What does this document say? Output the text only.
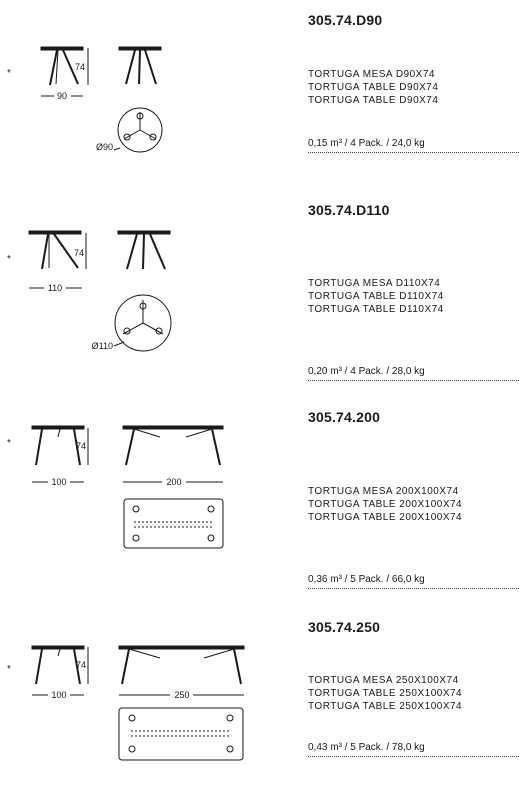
74
90
Ø90
*
305.74.D90
TORTUGA MESA D90X74
TORTUGA TABLE D90X74
TORTUGA TABLE D90X74
0,15 m³ / 4 Pack. / 24,0 kg
74
110
Ø110
*
305.74.D110
TORTUGA MESA D110X74
TORTUGA TABLE D110X74
TORTUGA TABLE D110X74
0,20 m³ / 4 Pack. / 28,0 kg
74
100	200
*
305.74.200
TORTUGA MESA 200X100X74
TORTUGA TABLE 200X100X74
TORTUGA TABLE 200X100X74
0,36 m³ / 5 Pack. / 66,0 kg
74
100	250
*
305.74.250
TORTUGA MESA 250X100X74
TORTUGA TABLE 250X100X74
TORTUGA TABLE 250X100X74
0,43 m³ / 5 Pack. / 78,0 kg
